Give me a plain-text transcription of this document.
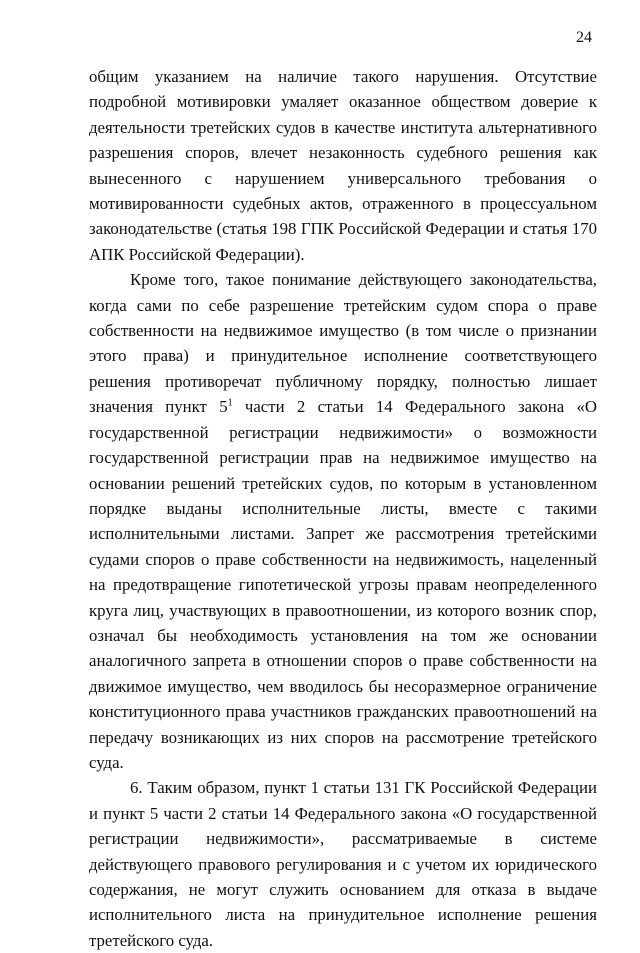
24

общим указанием на наличие такого нарушения. Отсутствие подробной мотивировки умаляет оказанное обществом доверие к деятельности третейских судов в качестве института альтернативного разрешения споров, влечет незаконность судебного решения как вынесенного с нарушением универсального требования о мотивированности судебных актов, отраженного в процессуальном законодательстве (статья 198 ГПК Российской Федерации и статья 170 АПК Российской Федерации).

Кроме того, такое понимание действующего законодательства, когда сами по себе разрешение третейским судом спора о праве собственности на недвижимое имущество (в том числе о признании этого права) и принудительное исполнение соответствующего решения противоречат публичному порядку, полностью лишает значения пункт $5^1$ части 2 статьи 14 Федерального закона «О государственной регистрации недвижимости» о возможности государственной регистрации прав на недвижимое имущество на основании решений третейских судов, по которым в установленном порядке выданы исполнительные листы, вместе с такими исполнительными листами. Запрет же рассмотрения третейскими судами споров о праве собственности на недвижимость, нацеленный на предотвращение гипотетической угрозы правам неопределенного круга лиц, участвующих в правоотношении, из которого возник спор, означал бы необходимость установления на том же основании аналогичного запрета в отношении споров о праве собственности на движимое имущество, чем вводилось бы несоразмерное ограничение конституционного права участников гражданских правоотношений на передачу возникающих из них споров на рассмотрение третейского суда.

6. Таким образом, пункт 1 статьи 131 ГК Российской Федерации и пункт 5 части 2 статьи 14 Федерального закона «О государственной регистрации недвижимости», рассматриваемые в системе действующего правового регулирования и с учетом их юридического содержания, не могут служить основанием для отказа в выдаче исполнительного листа на принудительное исполнение решения третейского суда.
